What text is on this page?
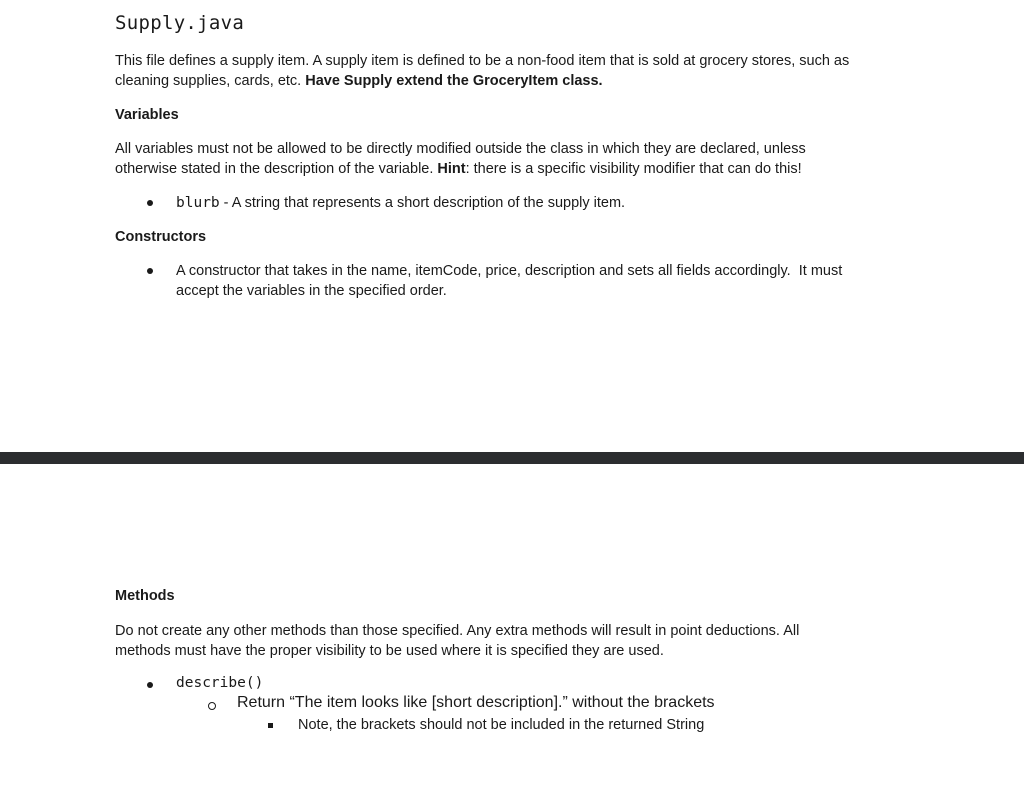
Supply.java
This file defines a supply item. A supply item is defined to be a non-food item that is sold at grocery stores, such as
cleaning supplies, cards, etc. Have Supply extend the GroceryItem class.
Variables
All variables must not be allowed to be directly modified outside the class in which they are declared, unless
otherwise stated in the description of the variable. Hint: there is a specific visibility modifier that can do this!
blurb - A string that represents a short description of the supply item.
Constructors
A constructor that takes in the name, itemCode, price, description and sets all fields accordingly.  It must
accept the variables in the specified order.
Methods
Do not create any other methods than those specified. Any extra methods will result in point deductions. All
methods must have the proper visibility to be used where it is specified they are used.
describe()
Return “The item looks like [short description].” without the brackets
Note, the brackets should not be included in the returned String
